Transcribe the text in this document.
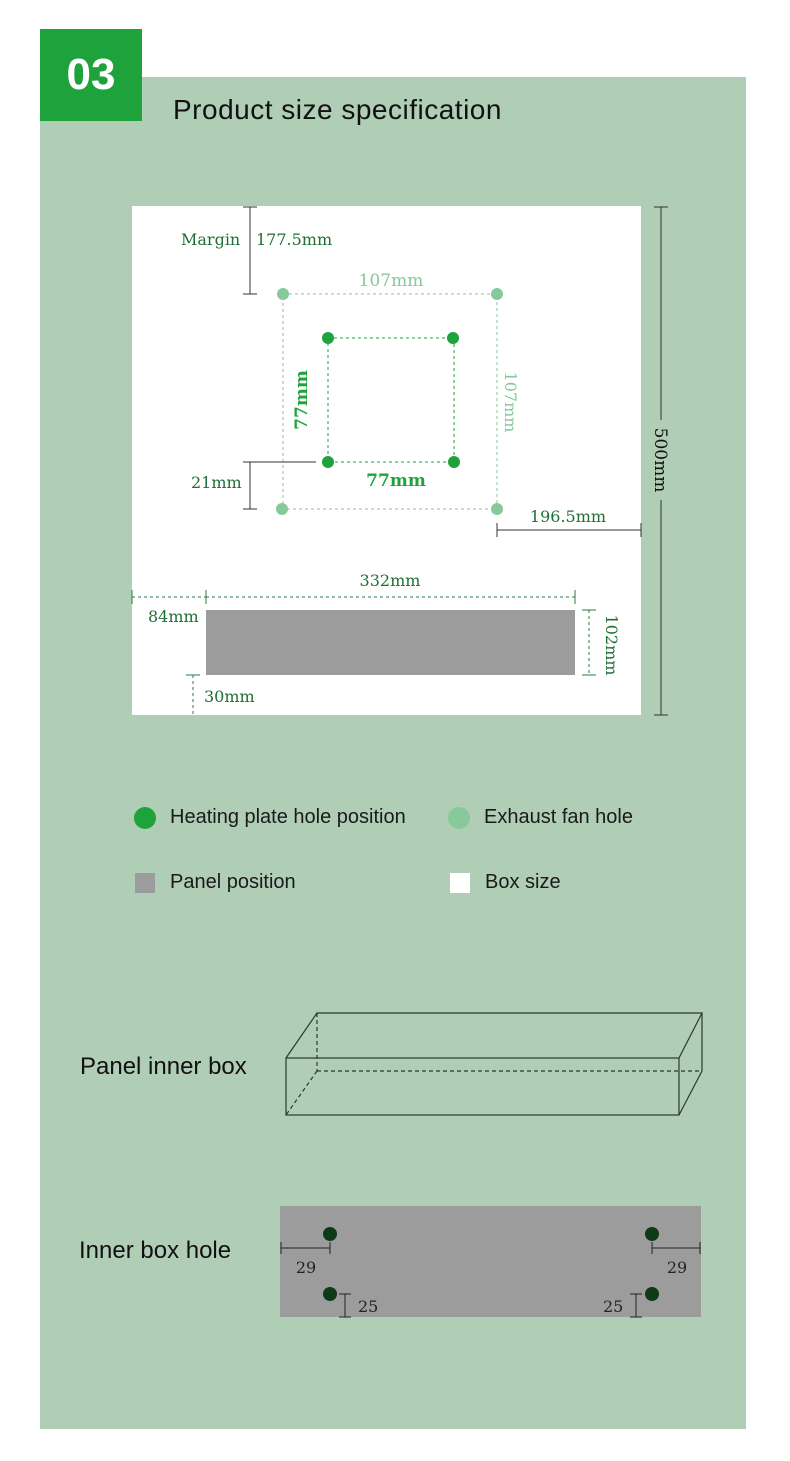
03
Product size specification
Margin 177.5mm
107mm
107mm
77mm
77mm
21mm
196.5mm
500mm
332mm
84mm	102mm
30mm
29	29
25	25
Heating plate hole position	Exhaust fan hole
Panel position	Box size
Panel inner box
Inner box hole
